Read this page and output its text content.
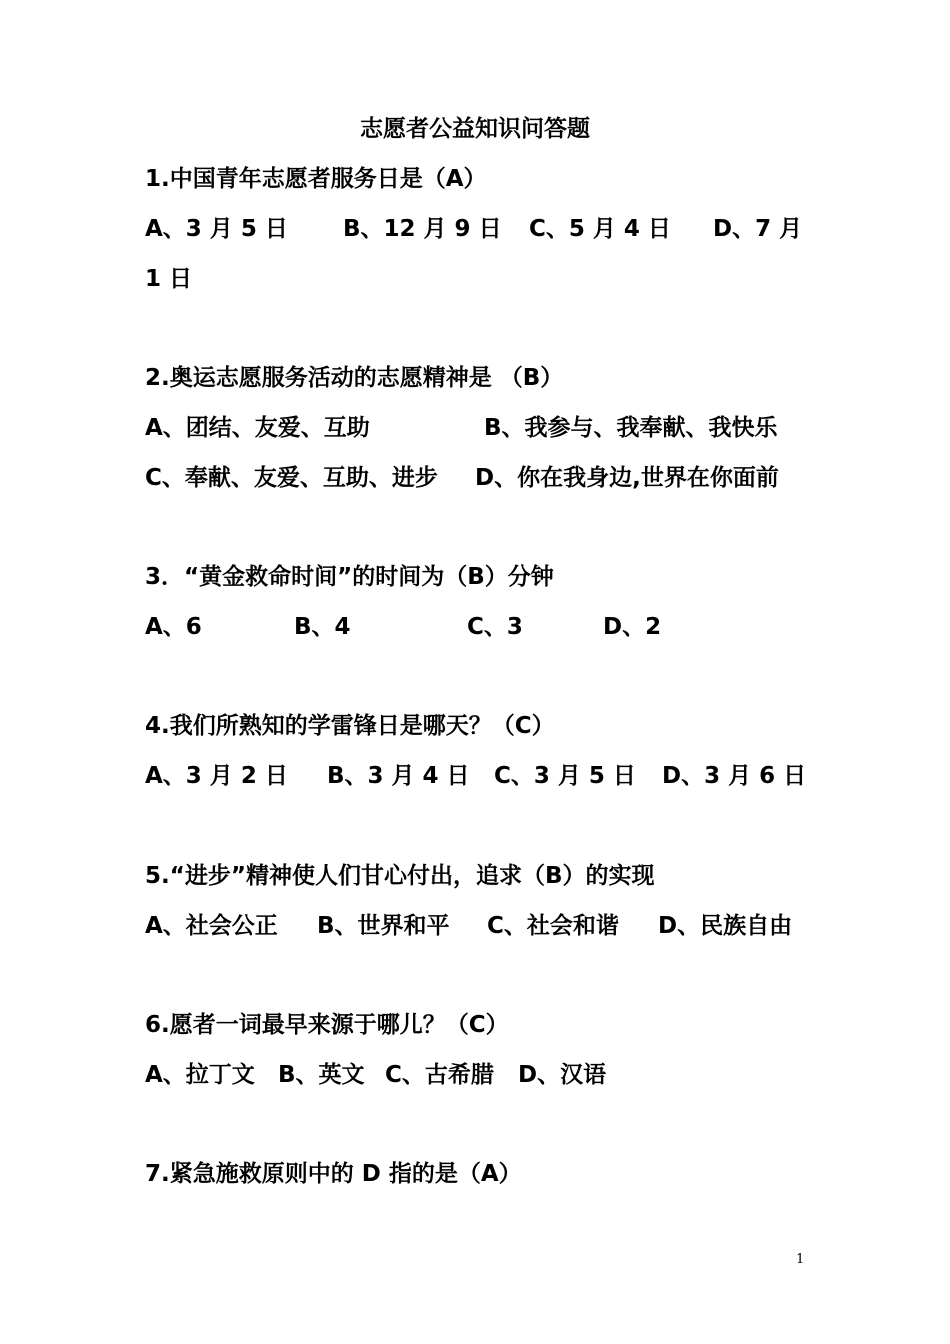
志愿者公益知识问答题
1.中国青年志愿者服务日是（A）
A、3 月 5 日 B、12 月 9 日 C、5 月 4 日 D、7 月
1 日
2.奥运志愿服务活动的志愿精神是 （B）
A、团结、友爱、互助	B、我参与、我奉献、我快乐
C、奉献、友爱、互助、进步 D、你在我身边,世界在你面前
3．“黄金救命时间”的时间为（B）分钟
A、6	B、4	C、3	D、2
4.我们所熟知的学雷锋日是哪天？（C）
A、3 月 2 日 B、3 月 4 日 C、3 月 5 日 D、3 月 6 日
5.“进步”精神使人们甘心付出，追求（B）的实现
A、社会公正 B、世界和平 C、社会和谐 D、民族自由
6.愿者一词最早来源于哪儿？（C）
A、拉丁文 B、英文 C、古希腊 D、汉语
7.紧急施救原则中的 D 指的是（A）
1
